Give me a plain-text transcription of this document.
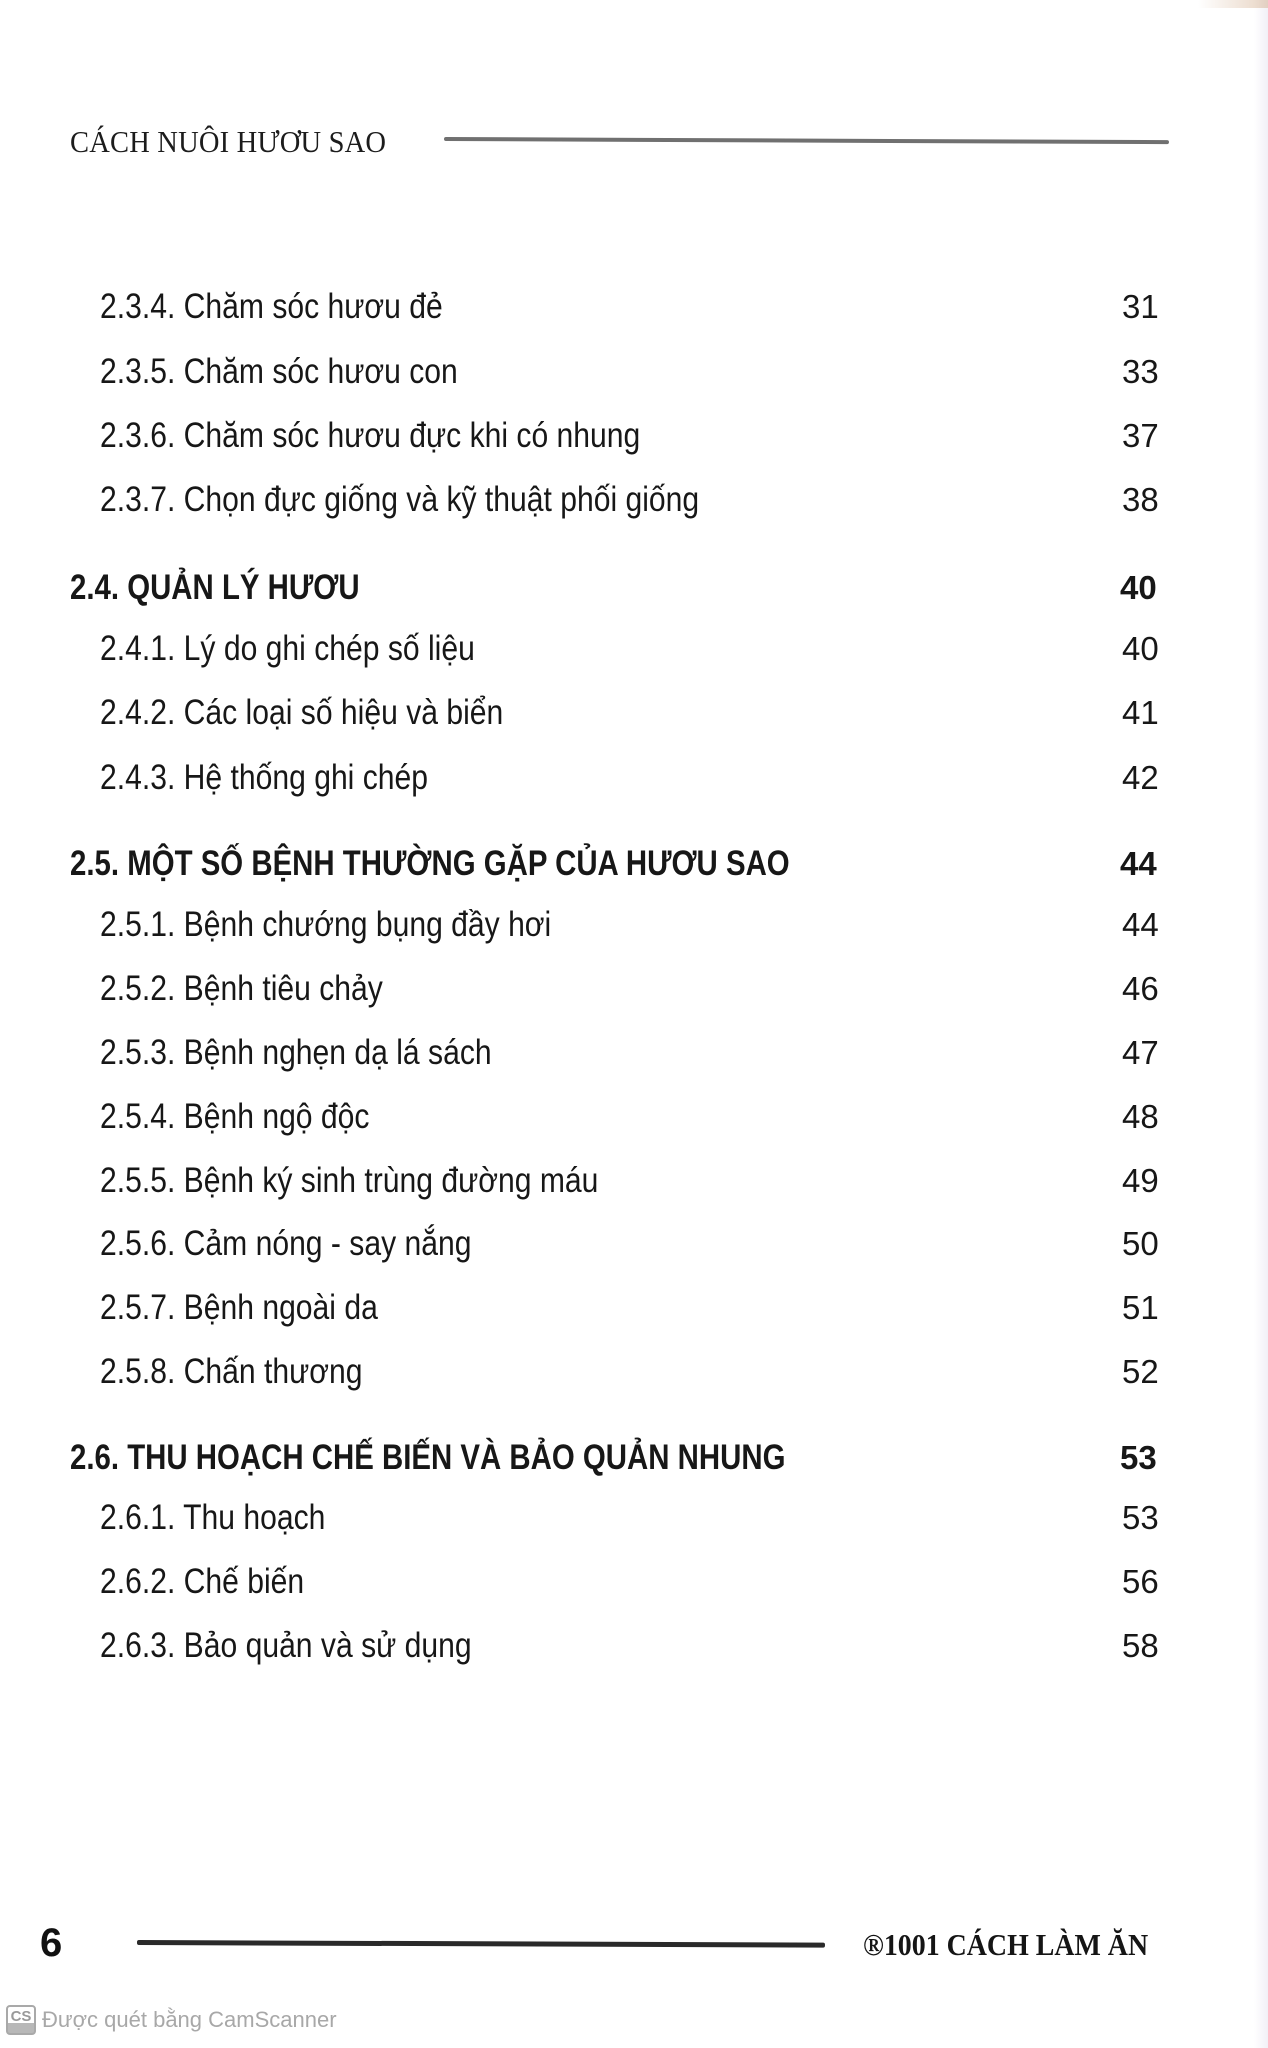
CÁCH NUÔI HƯƠU SAO
2.3.4. Chăm sóc hươu đẻ	31
2.3.5. Chăm sóc hươu con	33
2.3.6. Chăm sóc hươu đực khi có nhung	37
2.3.7. Chọn đực giống và kỹ thuật phối giống	38
2.4. QUẢN LÝ HƯƠU	40
2.4.1. Lý do ghi chép số liệu	40
2.4.2. Các loại số hiệu và biển	41
2.4.3. Hệ thống ghi chép	42
2.5. MỘT SỐ BỆNH THƯỜNG GẶP CỦA HƯƠU SAO	44
2.5.1. Bệnh chướng bụng đầy hơi	44
2.5.2. Bệnh tiêu chảy	46
2.5.3. Bệnh nghẹn dạ lá sách	47
2.5.4. Bệnh ngộ độc	48
2.5.5. Bệnh ký sinh trùng đường máu	49
2.5.6. Cảm nóng - say nắng	50
2.5.7. Bệnh ngoài da	51
2.5.8. Chấn thương	52
2.6. THU HOẠCH CHẾ BIẾN VÀ BẢO QUẢN NHUNG	53
2.6.1. Thu hoạch	53
2.6.2. Chế biến	56
2.6.3. Bảo quản và sử dụng	58
6	®1001 CÁCH LÀM ĂN
CS Được quét bằng CamScanner
